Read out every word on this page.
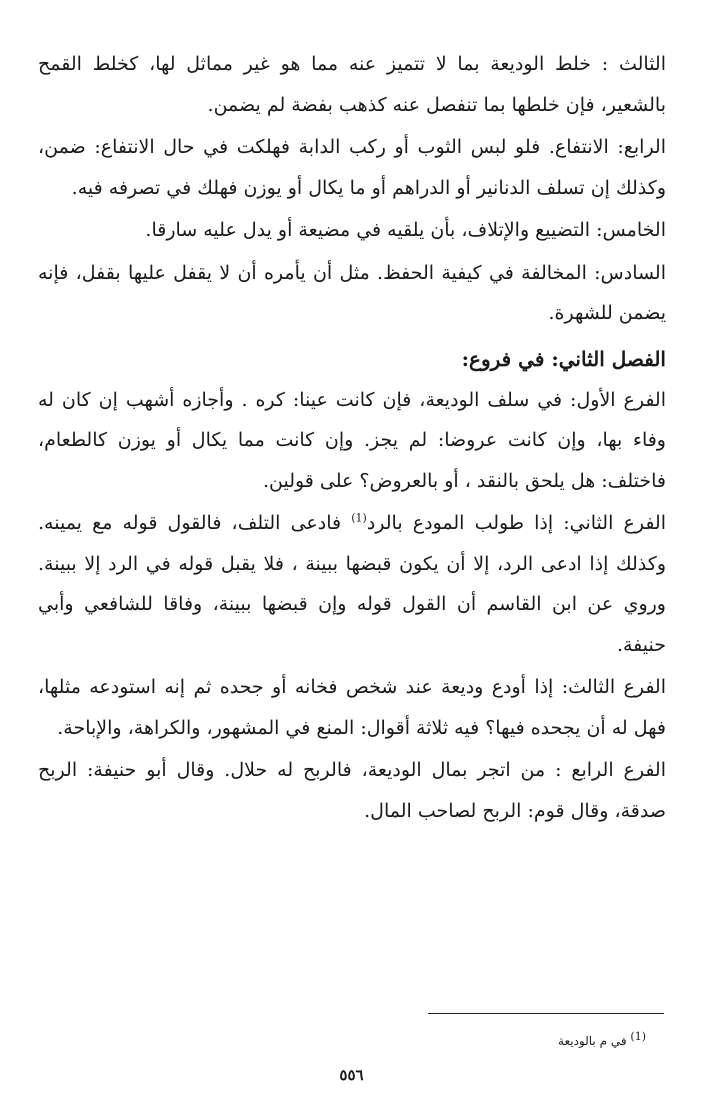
الثالث : خلط الوديعة بما لا تتميز عنه مما هو غير مماثل لها، كخلط القمح بالشعير، فإن خلطها بما تنفصل عنه كذهب بفضة لم يضمن.

الرابع: الانتفاع. فلو لبس الثوب أو ركب الدابة فهلكت في حال الانتفاع: ضمن، وكذلك إن تسلف الدنانير أو الدراهم أو ما يكال أو يوزن فهلك في تصرفه فيه.

الخامس: التضييع والإتلاف، بأن يلقيه في مضيعة أو يدل عليه سارقا.

السادس: المخالفة في كيفية الحفظ. مثل أن يأمره أن لا يقفل عليها بقفل، فإنه يضمن للشهرة.

الفصل الثاني: في فروع:

الفرع الأول: في سلف الوديعة، فإن كانت عينا: كره . وأجازه أشهب إن كان له وفاء بها، وإن كانت عروضا: لم يجز. وإن كانت مما يكال أو يوزن كالطعام، فاختلف: هل يلحق بالنقد ، أو بالعروض؟ على قولين.

الفرع الثاني: إذا طولب المودع بالرد$^{(1)}$ فادعى التلف، فالقول قوله مع يمينه. وكذلك إذا ادعى الرد، إلا أن يكون قبضها ببينة ، فلا يقبل قوله في الرد إلا ببينة. وروي عن ابن القاسم أن القول قوله وإن قبضها ببينة، وفاقا للشافعي وأبي حنيفة.

الفرع الثالث: إذا أودع وديعة عند شخص فخانه أو جحده ثم إنه استودعه مثلها، فهل له أن يجحده فيها؟ فيه ثلاثة أقوال: المنع في المشهور، والكراهة، والإباحة.

الفرع الرابع : من اتجر بمال الوديعة، فالربح له حلال. وقال أبو حنيفة: الربح صدقة، وقال قوم: الربح لصاحب المال.

(1) في م بالوديعة
٥٥٦
